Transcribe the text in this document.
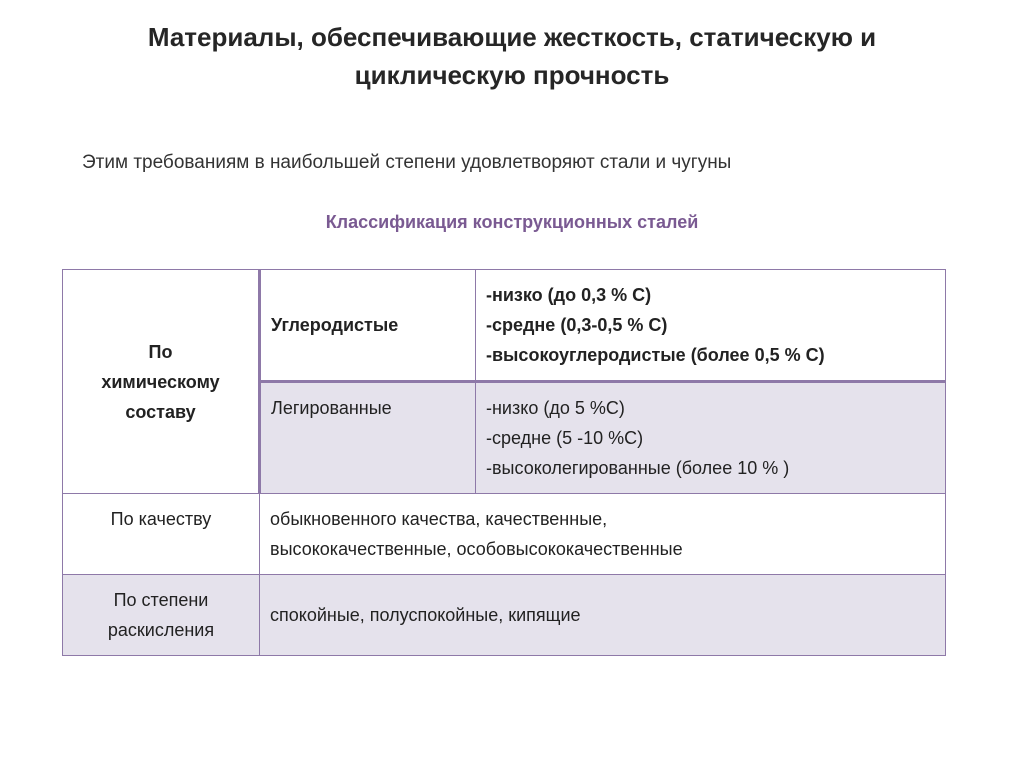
Материалы, обеспечивающие жесткость, статическую и
циклическую прочность
Этим требованиям в наибольшей степени удовлетворяют стали и чугуны
Классификация конструкционных сталей
По
химическому
составу	Углеродистые	-низко (до 0,3 % С)
-средне (0,3-0,5 % С)
-высокоуглеродистые (более 0,5 % С)

	Легированные	-низко (до 5 %С)
-средне (5 -10 %С)
-высоколегированные (более 10 % )

По качеству	обыкновенного качества, качественные,
высококачественные, особовысококачественные	

По степени
раскисления	спокойные, полуспокойные, кипящие	
